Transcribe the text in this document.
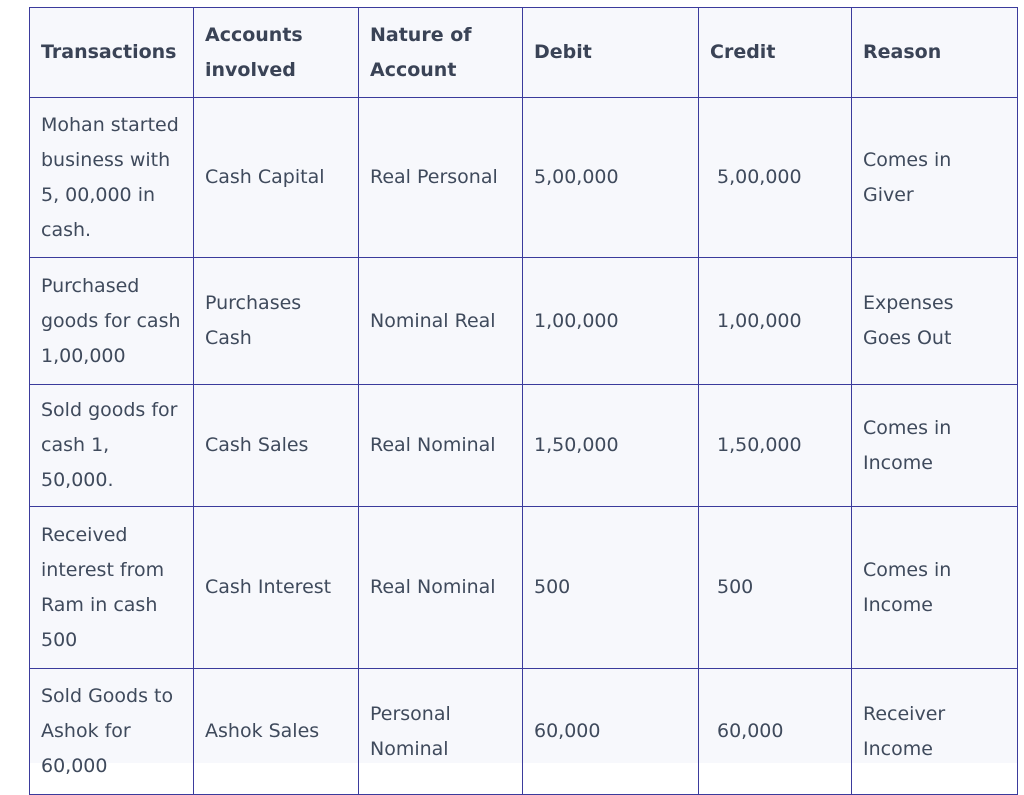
Transactions	Accounts involved	Nature of Account	Debit	Credit	Reason
Mohan started business with 5, 00,000 in cash.	Cash Capital	Real Personal	5,00,000	5,00,000	Comes in Giver
Purchased goods for cash 1,00,000	Purchases Cash	Nominal Real	1,00,000	1,00,000	Expenses Goes Out
Sold goods for cash 1, 50,000.	Cash Sales	Real Nominal	1,50,000	1,50,000	Comes in Income
Received interest from Ram in cash 500	Cash Interest	Real Nominal	500	500	Comes in Income
Sold Goods to Ashok for 60,000	Ashok Sales	Personal Nominal	60,000	60,000	Receiver Income
